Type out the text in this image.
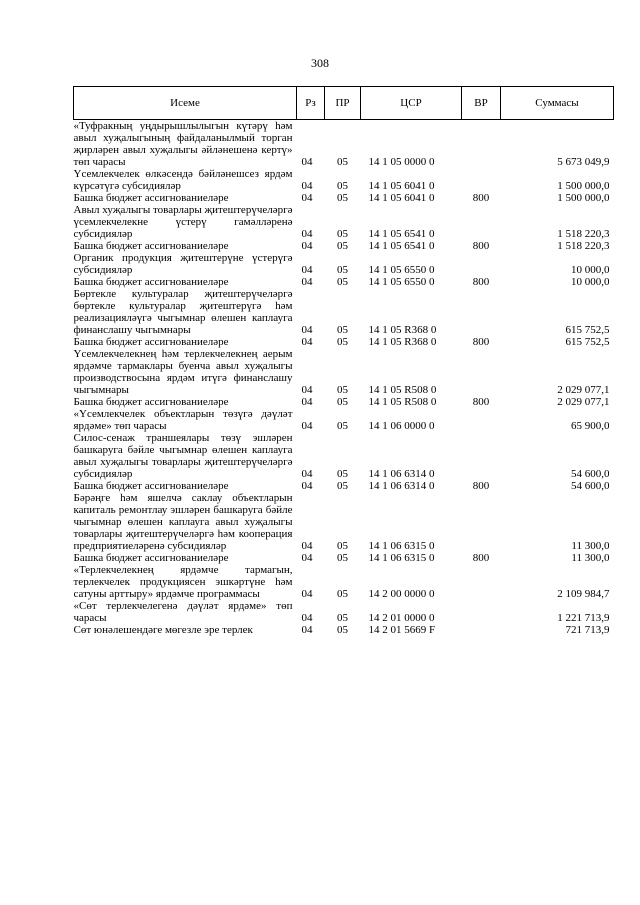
308
Исеме	Рз	ПР	ЦСР	ВР	Суммасы
«Туфракның уңдырышлылыгын күтәрү һәм авыл хуҗалыгының файдаланылмый торган җирләрен авыл хуҗалыгы әйләнешенә кертү» төп чарасы	04	05	14 1 05 0000 0		5 673 049,9
Үсемлекчелек өлкәсендә бәйләнешсез ярдәм күрсәтүгә субсидияләр	04	05	14 1 05 6041 0		1 500 000,0
Башка бюджет ассигнованиеләре	04	05	14 1 05 6041 0	800	1 500 000,0
Авыл хуҗалыгы товарлары җитештерүчеләргә үсемлекчелекне үстерү гамәлләренә субсидияләр	04	05	14 1 05 6541 0		1 518 220,3
Башка бюджет ассигнованиеләре	04	05	14 1 05 6541 0	800	1 518 220,3
Органик продукция җитештерүне үстерүгә субсидияләр	04	05	14 1 05 6550 0		10 000,0
Башка бюджет ассигнованиеләре	04	05	14 1 05 6550 0	800	10 000,0
Бөртекле культуралар җитештерүчеләргә бөртекле культуралар җитештерүгә һәм реализацияләүгә чыгымнар өлешен каплауга финанслашу чыгымнары	04	05	14 1 05 R368 0		615 752,5
Башка бюджет ассигнованиеләре	04	05	14 1 05 R368 0	800	615 752,5
Үсемлекчелекнең һәм терлекчелекнең аерым ярдәмче тармаклары буенча авыл хуҗалыгы производствосына ярдәм итүгә финанслашу чыгымнары	04	05	14 1 05 R508 0		2 029 077,1
Башка бюджет ассигнованиеләре	04	05	14 1 05 R508 0	800	2 029 077,1
«Үсемлекчелек объектларын төзүгә дәүләт ярдәме» төп чарасы	04	05	14 1 06 0000 0		65 900,0
Силос-сенаж траншеялары төзү эшләрен башкаруга бәйле чыгымнар өлешен каплауга авыл хуҗалыгы товарлары җитештерүчеләргә субсидияләр	04	05	14 1 06 6314 0		54 600,0
Башка бюджет ассигнованиеләре	04	05	14 1 06 6314 0	800	54 600,0
Бәрәңге һәм яшелчә саклау объектларын капиталь ремонтлау эшләрен башкаруга бәйле чыгымнар өлешен каплауга авыл хуҗалыгы товарлары җитештерүчеләргә һәм кооперация предприятиеләренә субсидияләр	04	05	14 1 06 6315 0		11 300,0
Башка бюджет ассигнованиеләре	04	05	14 1 06 6315 0	800	11 300,0
«Терлекчелекнең ярдәмче тармагын, терлекчелек продукциясен эшкәртүне һәм сатуны арттыру» ярдәмче программасы	04	05	14 2 00 0000 0		2 109 984,7
«Сөт терлекчелегенә дәүләт ярдәме» төп чарасы	04	05	14 2 01 0000 0		1 221 713,9
Сөт юнәлешендәге мөгезле эре терлек	04	05	14 2 01 5669 F		721 713,9
